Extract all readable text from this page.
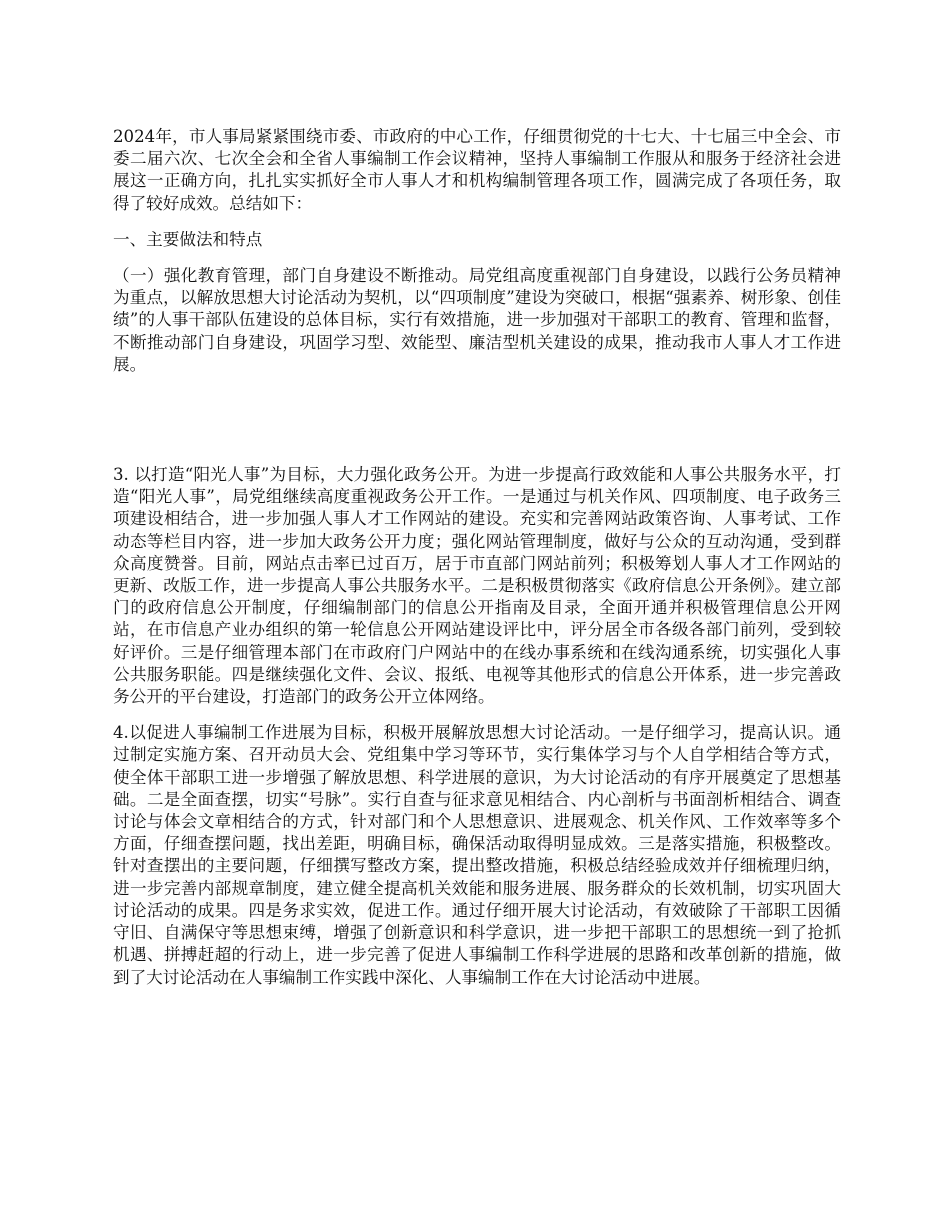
2024年，市人事局紧紧围绕市委、市政府的中心工作，仔细贯彻党的十七大、十七届三中全会、市委二届六次、七次全会和全省人事编制工作会议精神，坚持人事编制工作服从和服务于经济社会进展这一正确方向，扎扎实实抓好全市人事人才和机构编制管理各项工作，圆满完成了各项任务，取得了较好成效。总结如下：

一、主要做法和特点

（一）强化教育管理，部门自身建设不断推动。局党组高度重视部门自身建设，以践行公务员精神为重点，以解放思想大讨论活动为契机，以“四项制度”建设为突破口，根据“强素养、树形象、创佳绩”的人事干部队伍建设的总体目标，实行有效措施，进一步加强对干部职工的教育、管理和监督，不断推动部门自身建设，巩固学习型、效能型、廉洁型机关建设的成果，推动我市人事人才工作进展。

3. 以打造“阳光人事”为目标，大力强化政务公开。为进一步提高行政效能和人事公共服务水平，打造“阳光人事”，局党组继续高度重视政务公开工作。一是通过与机关作风、四项制度、电子政务三项建设相结合，进一步加强人事人才工作网站的建设。充实和完善网站政策咨询、人事考试、工作动态等栏目内容，进一步加大政务公开力度；强化网站管理制度，做好与公众的互动沟通，受到群众高度赞誉。目前，网站点击率已过百万，居于市直部门网站前列；积极筹划人事人才工作网站的更新、改版工作，进一步提高人事公共服务水平。二是积极贯彻落实《政府信息公开条例》。建立部门的政府信息公开制度，仔细编制部门的信息公开指南及目录，全面开通并积极管理信息公开网站，在市信息产业办组织的第一轮信息公开网站建设评比中，评分居全市各级各部门前列，受到较好评价。三是仔细管理本部门在市政府门户网站中的在线办事系统和在线沟通系统，切实强化人事公共服务职能。四是继续强化文件、会议、报纸、电视等其他形式的信息公开体系，进一步完善政务公开的平台建设，打造部门的政务公开立体网络。

4.以促进人事编制工作进展为目标，积极开展解放思想大讨论活动。一是仔细学习，提高认识。通过制定实施方案、召开动员大会、党组集中学习等环节，实行集体学习与个人自学相结合等方式，使全体干部职工进一步增强了解放思想、科学进展的意识，为大讨论活动的有序开展奠定了思想基础。二是全面查摆，切实“号脉”。实行自查与征求意见相结合、内心剖析与书面剖析相结合、调查讨论与体会文章相结合的方式，针对部门和个人思想意识、进展观念、机关作风、工作效率等多个方面，仔细查摆问题，找出差距，明确目标，确保活动取得明显成效。三是落实措施，积极整改。针对查摆出的主要问题，仔细撰写整改方案，提出整改措施，积极总结经验成效并仔细梳理归纳，进一步完善内部规章制度，建立健全提高机关效能和服务进展、服务群众的长效机制，切实巩固大讨论活动的成果。四是务求实效，促进工作。通过仔细开展大讨论活动，有效破除了干部职工因循守旧、自满保守等思想束缚，增强了创新意识和科学意识，进一步把干部职工的思想统一到了抢抓机遇、拼搏赶超的行动上，进一步完善了促进人事编制工作科学进展的思路和改革创新的措施，做到了大讨论活动在人事编制工作实践中深化、人事编制工作在大讨论活动中进展。
